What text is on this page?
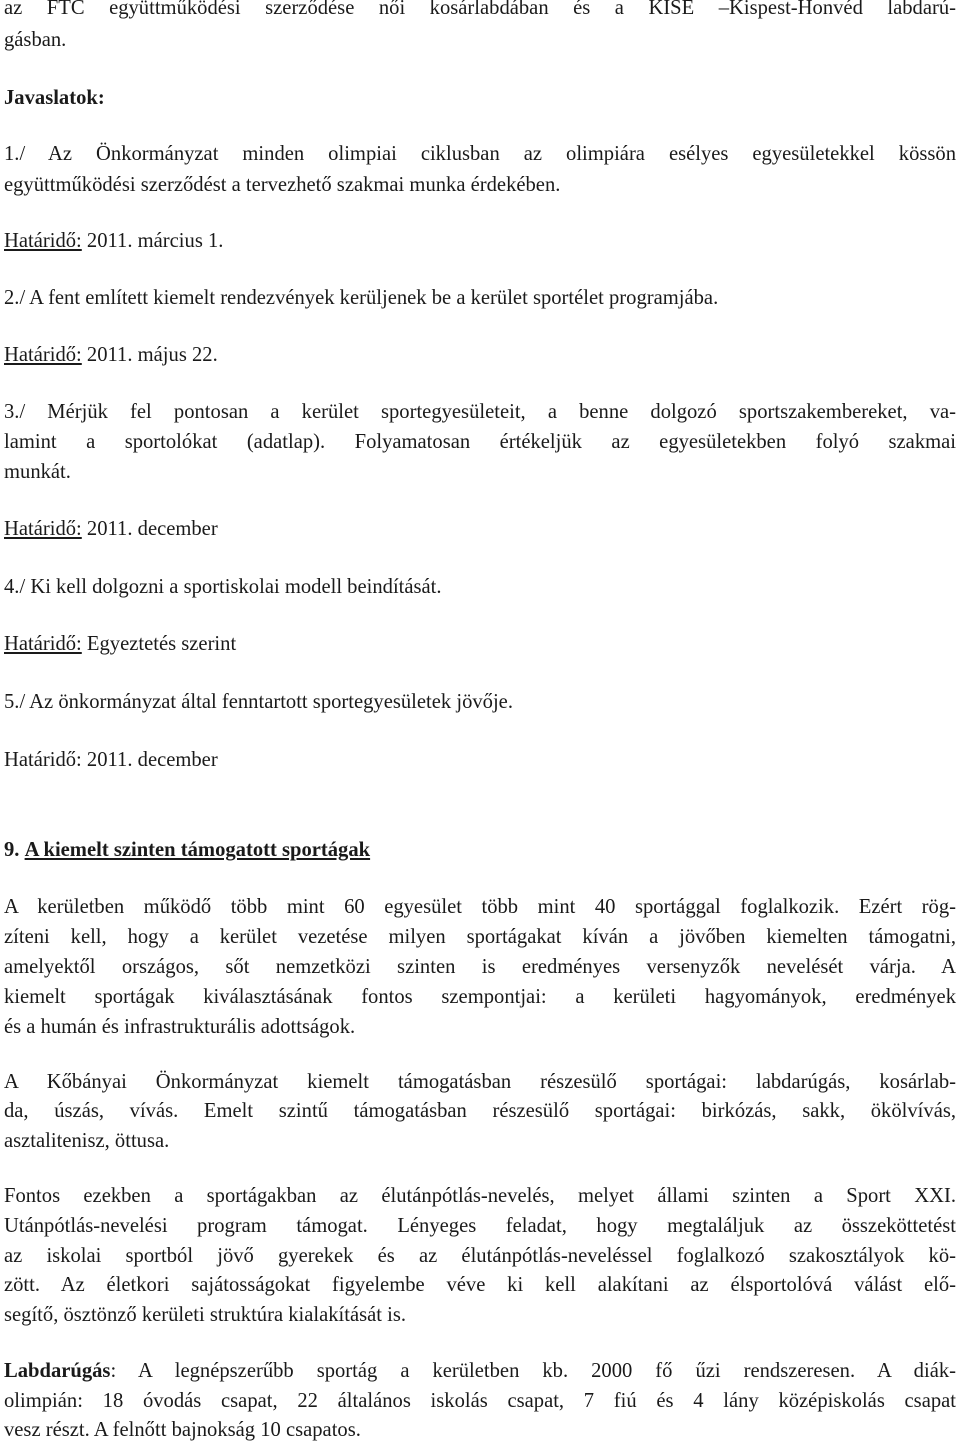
az FTC együttműködési szerződése női kosárlabdában és a KISE –Kispest-Honvéd labdarú-
gásban.
Javaslatok:
1./ Az Önkormányzat minden olimpiai ciklusban az olimpiára esélyes egyesületekkel kössön
együttműködési szerződést a tervezhető szakmai munka érdekében.
Határidő: 2011. március 1.
2./ A fent említett kiemelt rendezvények kerüljenek be a kerület sportélet programjába.
Határidő: 2011. május 22.
3./ Mérjük fel pontosan a kerület sportegyesületeit, a benne dolgozó sportszakembereket, va-
lamint a sportolókat (adatlap). Folyamatosan értékeljük az egyesületekben folyó szakmai
munkát.
Határidő: 2011. december
4./ Ki kell dolgozni a sportiskolai modell beindítását.
Határidő: Egyeztetés szerint
5./ Az önkormányzat által fenntartott sportegyesületek jövője.
Határidő: 2011. december
9. A kiemelt szinten támogatott sportágak
A kerületben működő több mint 60 egyesület több mint 40 sportággal foglalkozik. Ezért rög-
zíteni kell, hogy a kerület vezetése milyen sportágakat kíván a jövőben kiemelten támogatni,
amelyektől országos, sőt nemzetközi szinten is eredményes versenyzők nevelését várja. A
kiemelt sportágak kiválasztásának fontos szempontjai: a kerületi hagyományok, eredmények
és a humán és infrastrukturális adottságok.
A Kőbányai Önkormányzat kiemelt támogatásban részesülő sportágai: labdarúgás, kosárlab-
da, úszás, vívás. Emelt szintű támogatásban részesülő sportágai: birkózás, sakk, ökölvívás,
asztalitenisz, öttusa.
Fontos ezekben a sportágakban az élutánpótlás-nevelés, melyet állami szinten a Sport XXI.
Utánpótlás-nevelési program támogat. Lényeges feladat, hogy megtaláljuk az összeköttetést
az iskolai sportból jövő gyerekek és az élutánpótlás-neveléssel foglalkozó szakosztályok kö-
zött. Az életkori sajátosságokat figyelembe véve ki kell alakítani az élsportolóvá válást elő-
segítő, ösztönző kerületi struktúra kialakítását is.
Labdarúgás: A legnépszerűbb sportág a kerületben kb. 2000 fő űzi rendszeresen. A diák-
olimpián: 18 óvodás csapat, 22 általános iskolás csapat, 7 fiú és 4 lány középiskolás csapat
vesz részt. A felnőtt bajnokság 10 csapatos.
